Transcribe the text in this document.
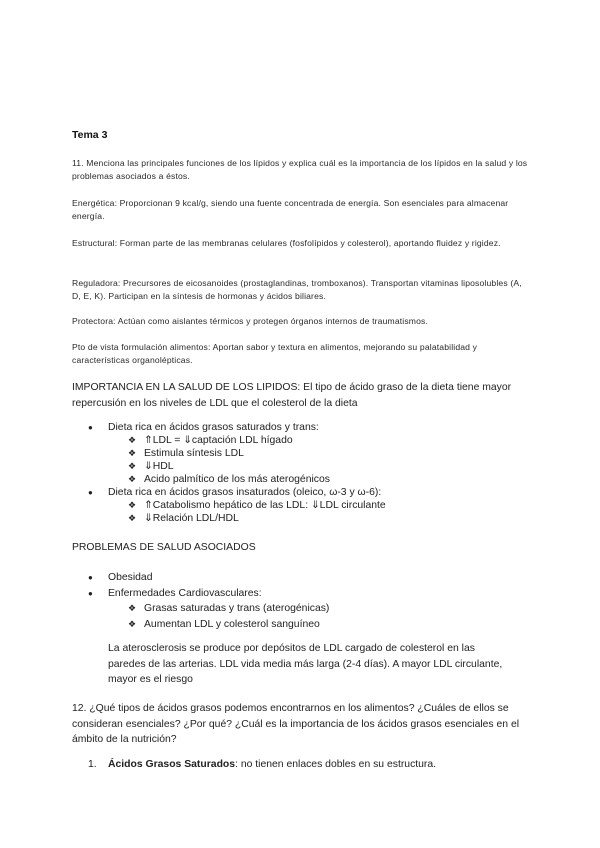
Tema 3
11. Menciona las principales funciones de los lípidos y explica cuál es la importancia de los lípidos en la salud y los problemas asociados a éstos.
Energética: Proporcionan 9 kcal/g, siendo una fuente concentrada de energía. Son esenciales para almacenar energía.
Estructural: Forman parte de las membranas celulares (fosfolípidos y colesterol), aportando fluidez y rigidez.
Reguladora: Precursores de eicosanoides (prostaglandinas, tromboxanos). Transportan vitaminas liposolubles (A, D, E, K). Participan en la síntesis de hormonas y ácidos biliares.
Protectora: Actúan como aislantes térmicos y protegen órganos internos de traumatismos.
Pto de vista formulación alimentos: Aportan sabor y textura en alimentos, mejorando su palatabilidad y características organolépticas.
IMPORTANCIA EN LA SALUD DE LOS LIPIDOS: El tipo de ácido graso de la dieta tiene mayor repercusión en los niveles de LDL que el colesterol de la dieta
● Dieta rica en ácidos grasos saturados y trans:
❖ ⇑LDL = ⇓captación LDL hígado
❖ Estimula síntesis LDL
❖ ⇓HDL
❖ Acido palmítico de los más aterogénicos
● Dieta rica en ácidos grasos insaturados (oleico, ω-3 y ω-6):
❖ ⇑Catabolismo hepático de las LDL: ⇓LDL circulante
❖ ⇓Relación LDL/HDL
PROBLEMAS DE SALUD ASOCIADOS
● Obesidad
● Enfermedades Cardiovasculares:
❖ Grasas saturadas y trans (aterogénicas)
❖ Aumentan LDL y colesterol sanguíneo
La aterosclerosis se produce por depósitos de LDL cargado de colesterol en las paredes de las arterias. LDL vida media más larga (2-4 días). A mayor LDL circulante, mayor es el riesgo
12. ¿Qué tipos de ácidos grasos podemos encontrarnos en los alimentos? ¿Cuáles de ellos se consideran esenciales? ¿Por qué? ¿Cuál es la importancia de los ácidos grasos esenciales en el ámbito de la nutrición?
1. Ácidos Grasos Saturados: no tienen enlaces dobles en su estructura.
